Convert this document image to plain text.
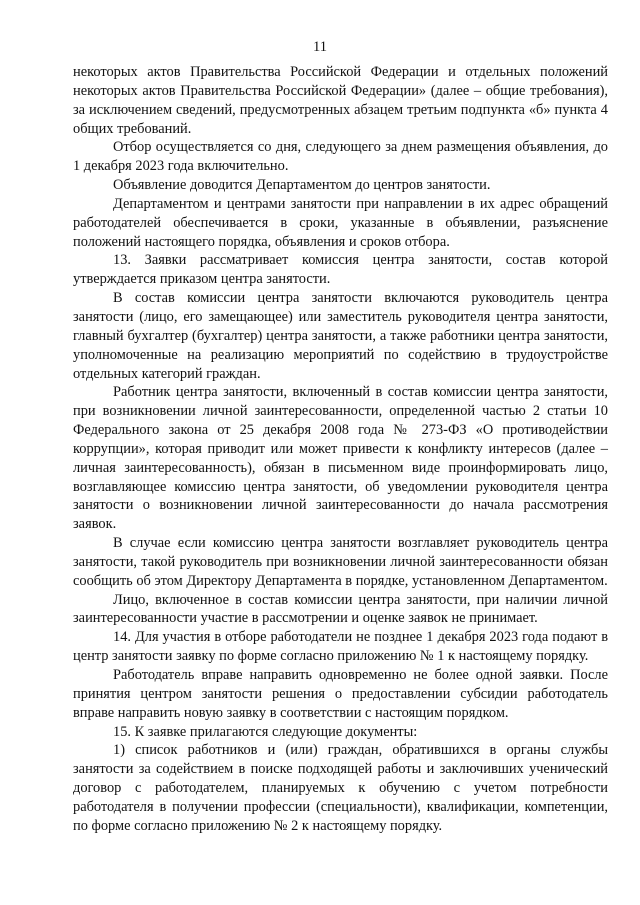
11

некоторых актов Правительства Российской Федерации и отдельных положений некоторых актов Правительства Российской Федерации» (далее – общие требования), за исключением сведений, предусмотренных абзацем третьим подпункта «б» пункта 4 общих требований.

Отбор осуществляется со дня, следующего за днем размещения объявления, до 1 декабря 2023 года включительно.

Объявление доводится Департаментом до центров занятости.

Департаментом и центрами занятости при направлении в их адрес обращений работодателей обеспечивается в сроки, указанные в объявлении, разъяснение положений настоящего порядка, объявления и сроков отбора.

13. Заявки рассматривает комиссия центра занятости, состав которой утверждается приказом центра занятости.

В состав комиссии центра занятости включаются руководитель центра занятости (лицо, его замещающее) или заместитель руководителя центра занятости, главный бухгалтер (бухгалтер) центра занятости, а также работники центра занятости, уполномоченные на реализацию мероприятий по содействию в трудоустройстве отдельных категорий граждан.

Работник центра занятости, включенный в состав комиссии центра занятости, при возникновении личной заинтересованности, определенной частью 2 статьи 10 Федерального закона от 25 декабря 2008 года № 273-ФЗ «О противодействии коррупции», которая приводит или может привести к конфликту интересов (далее – личная заинтересованность), обязан в письменном виде проинформировать лицо, возглавляющее комиссию центра занятости, об уведомлении руководителя центра занятости о возникновении личной заинтересованности до начала рассмотрения заявок.

В случае если комиссию центра занятости возглавляет руководитель центра занятости, такой руководитель при возникновении личной заинтересованности обязан сообщить об этом Директору Департамента в порядке, установленном Департаментом.

Лицо, включенное в состав комиссии центра занятости, при наличии личной заинтересованности участие в рассмотрении и оценке заявок не принимает.

14. Для участия в отборе работодатели не позднее 1 декабря 2023 года подают в центр занятости заявку по форме согласно приложению № 1 к настоящему порядку.

Работодатель вправе направить одновременно не более одной заявки. После принятия центром занятости решения о предоставлении субсидии работодатель вправе направить новую заявку в соответствии с настоящим порядком.

15. К заявке прилагаются следующие документы:

1) список работников и (или) граждан, обратившихся в органы службы занятости за содействием в поиске подходящей работы и заключивших ученический договор с работодателем, планируемых к обучению с учетом потребности работодателя в получении профессии (специальности), квалификации, компетенции, по форме согласно приложению № 2 к настоящему порядку.
